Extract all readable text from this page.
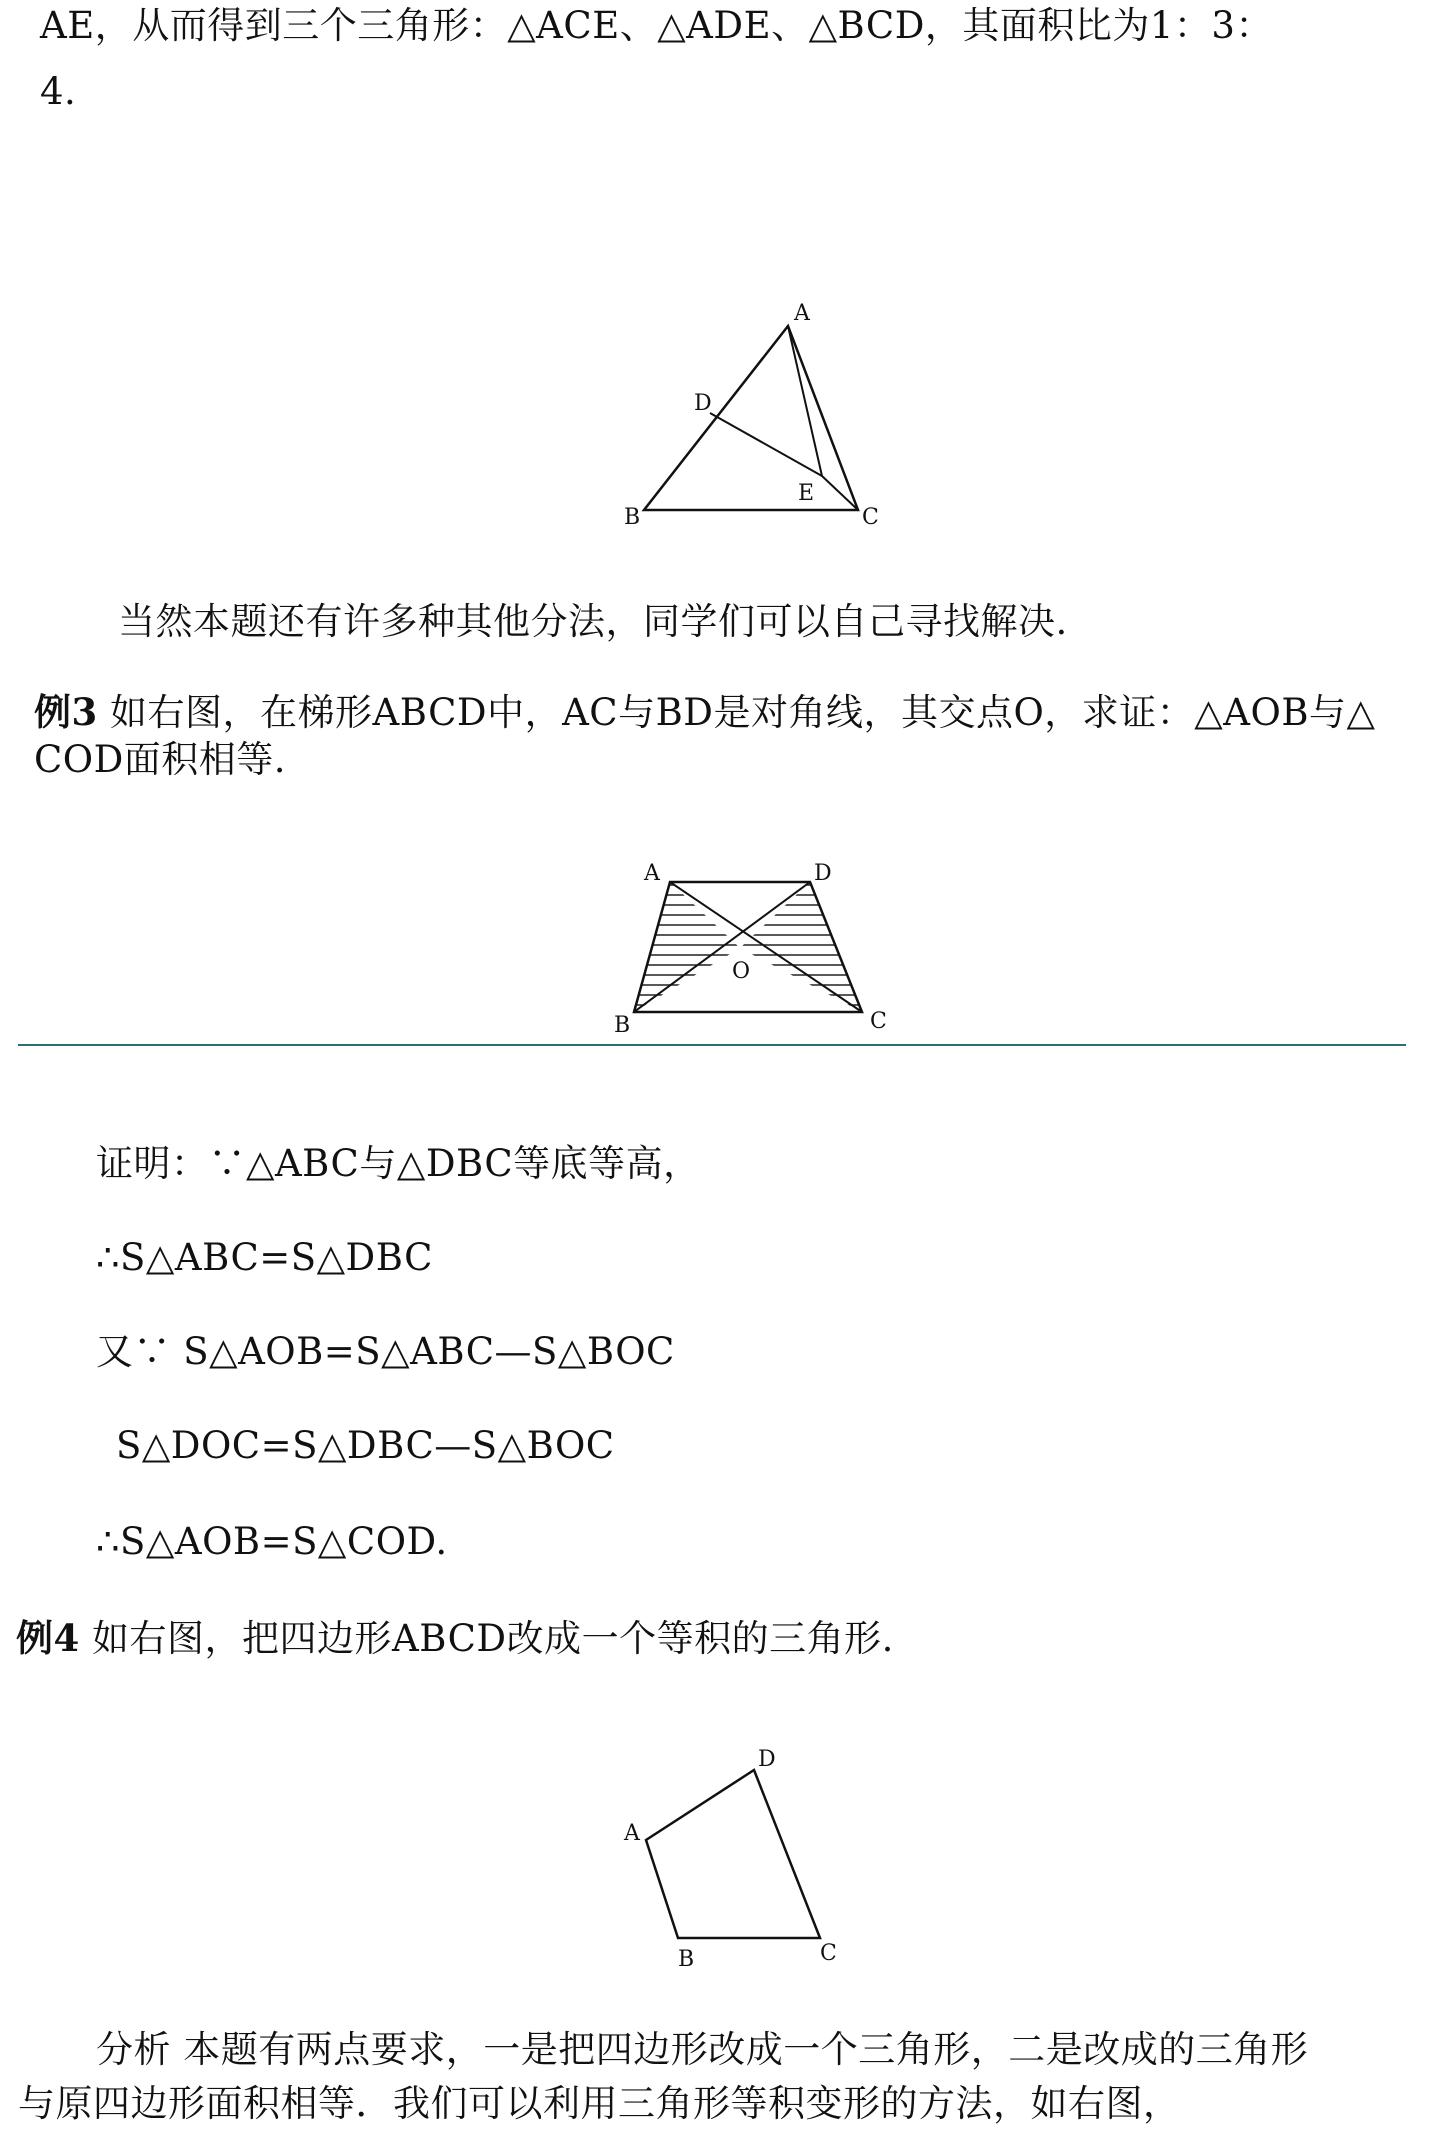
AE，从而得到三个三角形：△ACE、△ADE、△BCD，其面积比为1：3：
4.
A
D
E
B	C
当然本题还有许多种其他分法，同学们可以自己寻找解决.
例3 如右图，在梯形ABCD中，AC与BD是对角线，其交点O，求证：△AOB与△
COD面积相等.
A	D
O
B	C
证明：∵△ABC与△DBC等底等高，
∴S△ABC=S△DBC
又∵ S△AOB=S△ABC—S△BOC
S△DOC=S△DBC—S△BOC
∴S△AOB=S△COD.
例4 如右图，把四边形ABCD改成一个等积的三角形.
A
D
B	C
分析 本题有两点要求，一是把四边形改成一个三角形，二是改成的三角形
与原四边形面积相等．我们可以利用三角形等积变形的方法，如右图，
